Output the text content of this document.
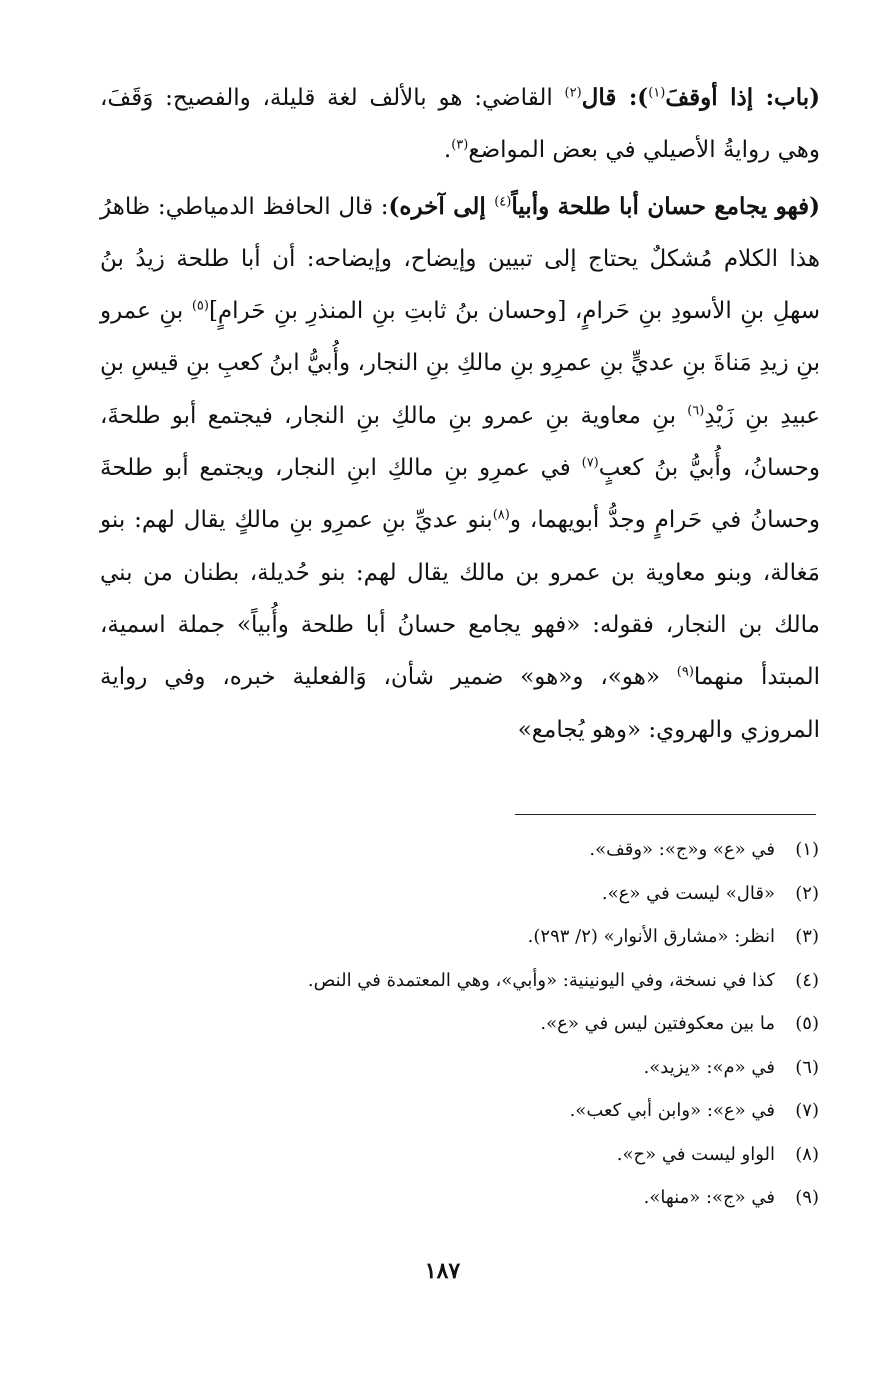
(باب: إذا أوقفَ$^{(١)}$): قال$^{(٢)}$ القاضي: هو بالألف لغة قليلة، والفصيح: وَقَفَ، وهي روايةُ الأصيلي في بعض المواضع$^{(٣)}$.

(فهو يجامع حسان أبا طلحة وأبياً$^{(٤)}$ إلى آخره): قال الحافظ الدمياطي: ظاهرُ هذا الكلام مُشكلٌ يحتاج إلى تبيين وإيضاح، وإيضاحه: أن أبا طلحة زيدُ بنُ سهلِ بنِ الأسودِ بنِ حَرامٍ، [وحسان بنُ ثابتِ بنِ المنذرِ بنِ حَرامٍ]$^{(٥)}$ بنِ عمرو بنِ زيدِ مَناةَ بنِ عديٍّ بنِ عمرِو بنِ مالكِ بنِ النجار، وأُبيُّ ابنُ كعبِ بنِ قيسِ بنِ عبيدِ بنِ زَيْدِ$^{(٦)}$ بنِ معاوية بنِ عمرو بنِ مالكِ بنِ النجار، فيجتمع أبو طلحةَ، وحسانُ، وأُبيُّ بنُ كعبٍ$^{(٧)}$ في عمرِو بنِ مالكِ ابنِ النجار، ويجتمع أبو طلحةَ وحسانُ في حَرامٍ وجدُّ أبويهما، و$^{(٨)}$بنو عديِّ بنِ عمرِو بنِ مالكٍ يقال لهم: بنو مَغالة، وبنو معاوية بن عمرو بن مالك يقال لهم: بنو حُديلة، بطنان من بني مالك بن النجار، فقوله: «فهو يجامع حسانُ أبا طلحة وأُبياً» جملة اسمية، المبتدأ منهما$^{(٩)}$ «هو»، و«هو» ضمير شأن، وَالفعلية خبره، وفي رواية المروزي والهروي: «وهو يُجامع»

(١)في «ع» و«ج»: «وقف».
(٢)«قال» ليست في «ع».
(٣)انظر: «مشارق الأنوار» (٢/ ٢٩٣).
(٤)كذا في نسخة، وفي اليونينية: «وأبي»، وهي المعتمدة في النص.
(٥)ما بين معكوفتين ليس في «ع».
(٦)في «م»: «يزيد».
(٧)في «ع»: «وابن أبي كعب».
(٨)الواو ليست في «ح».
(٩)في «ج»: «منها».
١٨٧
